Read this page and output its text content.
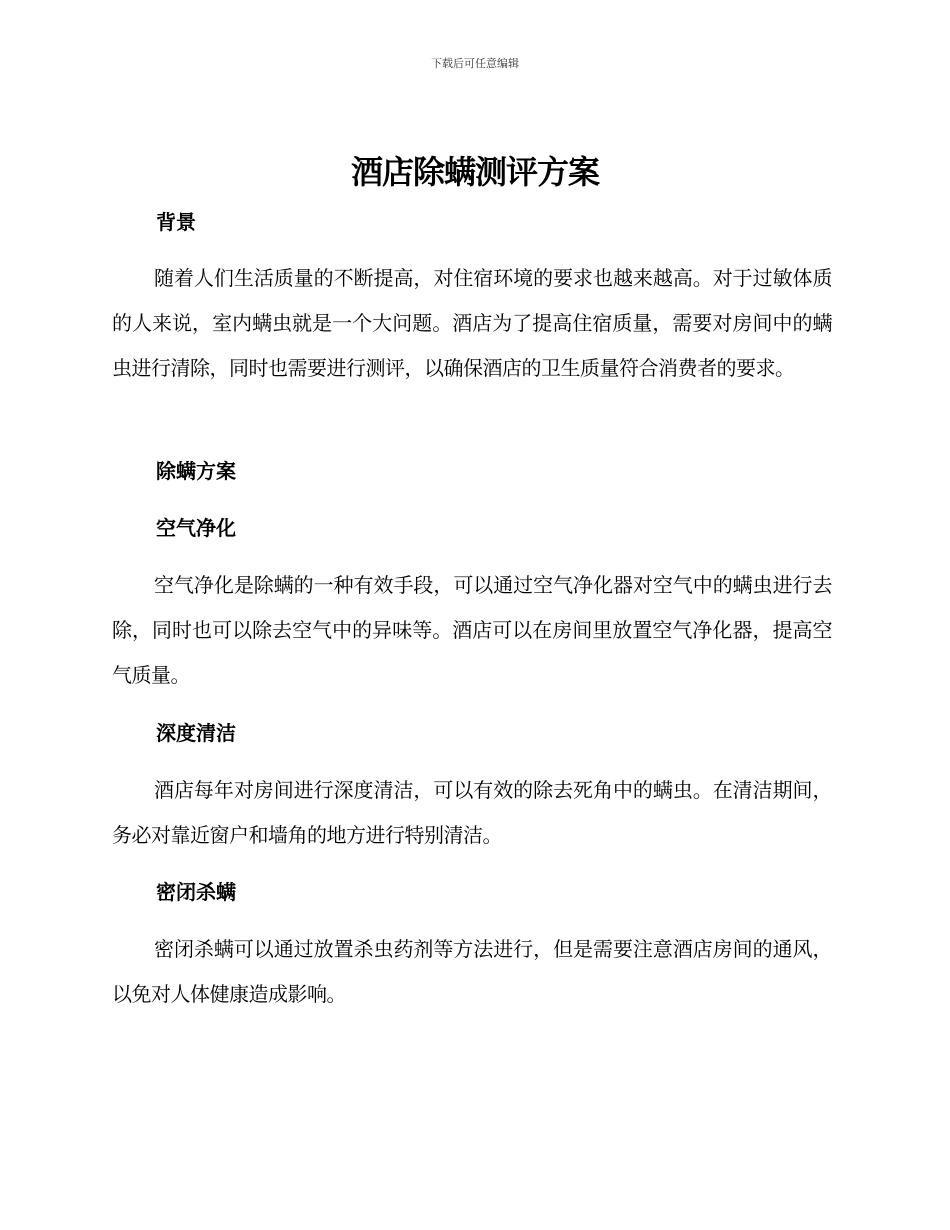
下载后可任意编辑
酒店除螨测评方案
背景
随着人们生活质量的不断提高，对住宿环境的要求也越来越高。对于过敏体质的人来说，室内螨虫就是一个大问题。酒店为了提高住宿质量，需要对房间中的螨虫进行清除，同时也需要进行测评，以确保酒店的卫生质量符合消费者的要求。
除螨方案
空气净化
空气净化是除螨的一种有效手段，可以通过空气净化器对空气中的螨虫进行去除，同时也可以除去空气中的异味等。酒店可以在房间里放置空气净化器，提高空气质量。
深度清洁
酒店每年对房间进行深度清洁，可以有效的除去死角中的螨虫。在清洁期间，务必对靠近窗户和墙角的地方进行特别清洁。
密闭杀螨
密闭杀螨可以通过放置杀虫药剂等方法进行，但是需要注意酒店房间的通风，以免对人体健康造成影响。
